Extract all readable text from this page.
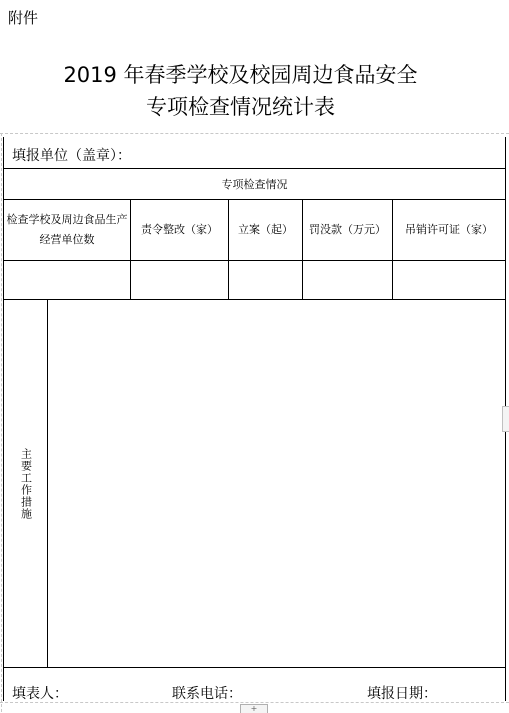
附件
2019 年春季学校及校园周边食品安全
专项检查情况统计表
填报单位（盖章）：
专项检查情况					
检查学校及周边食品生产经营单位数		责令整改（家）	立案（起）	罚没款（万元）	吊销许可证（家）

主要工作措施					

填表人：	联系电话：	填报日期：
+
